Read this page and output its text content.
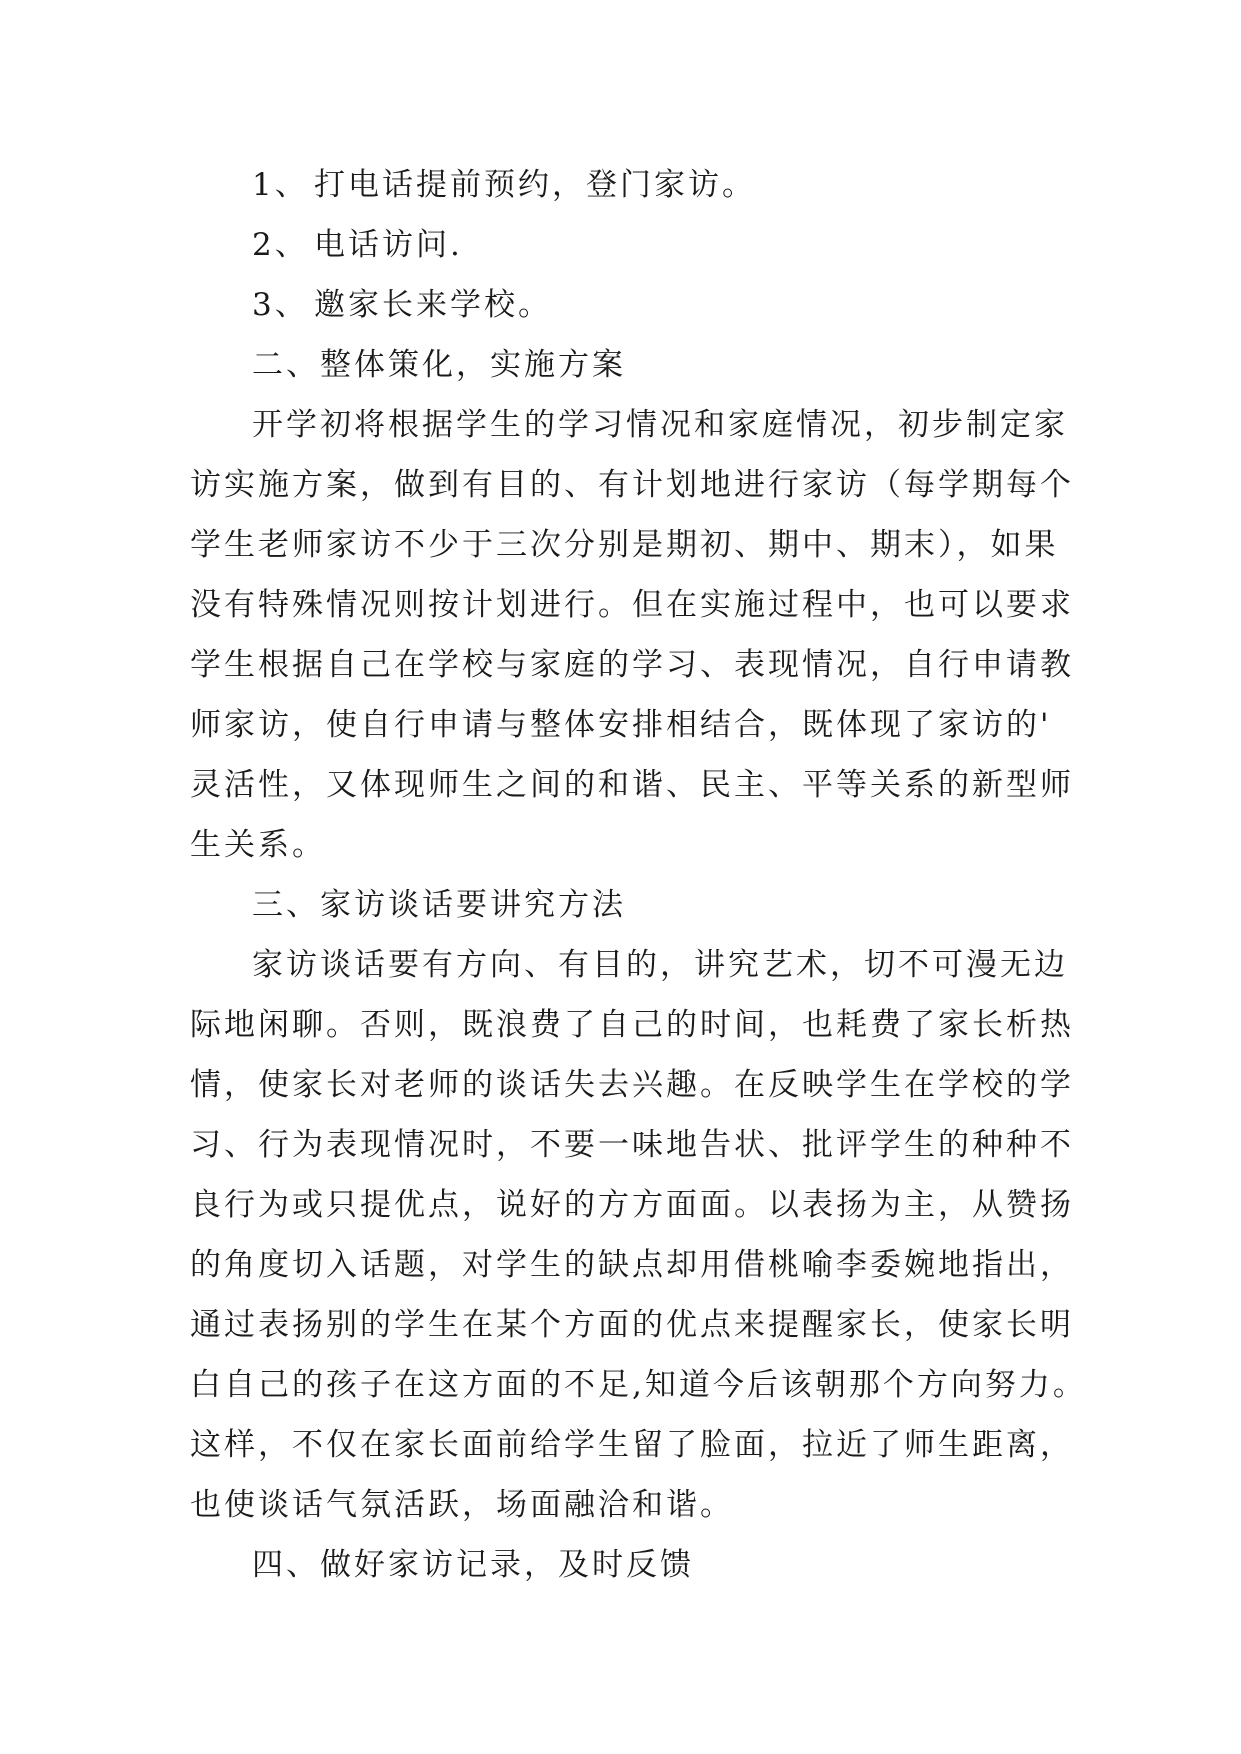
1、 打电话提前预约，登门家访。
2、 电话访问.
3、 邀家长来学校。
二、整体策化，实施方案
开学初将根据学生的学习情况和家庭情况，初步制定家
访实施方案，做到有目的、有计划地进行家访（每学期每个
学生老师家访不少于三次分别是期初、期中、期末），如果
没有特殊情况则按计划进行。但在实施过程中，也可以要求
学生根据自己在学校与家庭的学习、表现情况，自行申请教
师家访，使自行申请与整体安排相结合，既体现了家访的'
灵活性，又体现师生之间的和谐、民主、平等关系的新型师
生关系。
三、家访谈话要讲究方法
家访谈话要有方向、有目的，讲究艺术，切不可漫无边
际地闲聊。否则，既浪费了自己的时间，也耗费了家长析热
情，使家长对老师的谈话失去兴趣。在反映学生在学校的学
习、行为表现情况时，不要一味地告状、批评学生的种种不
良行为或只提优点，说好的方方面面。以表扬为主，从赞扬
的角度切入话题，对学生的缺点却用借桃喻李委婉地指出，
通过表扬别的学生在某个方面的优点来提醒家长，使家长明
白自己的孩子在这方面的不足,知道今后该朝那个方向努力。
这样，不仅在家长面前给学生留了脸面，拉近了师生距离，
也使谈话气氛活跃，场面融洽和谐。
四、做好家访记录，及时反馈
